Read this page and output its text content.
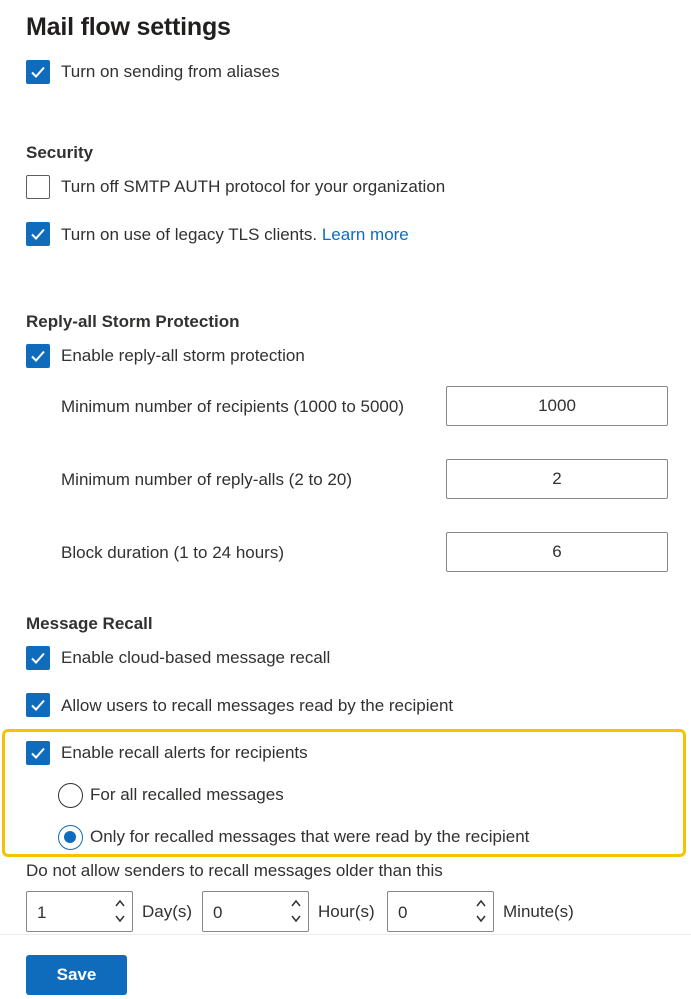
Mail flow settings
Turn on sending from aliases
Security
Turn off SMTP AUTH protocol for your organization
Turn on use of legacy TLS clients. Learn more
Reply-all Storm Protection
Enable reply-all storm protection
Minimum number of recipients (1000 to 5000)	1000
Minimum number of reply-alls (2 to 20)	2
Block duration (1 to 24 hours)	6
Message Recall
Enable cloud-based message recall
Allow users to recall messages read by the recipient
Enable recall alerts for recipients
For all recalled messages
Only for recalled messages that were read by the recipient
Do not allow senders to recall messages older than this
1	Day(s) 0	Hour(s) 0	Minute(s)
Save
